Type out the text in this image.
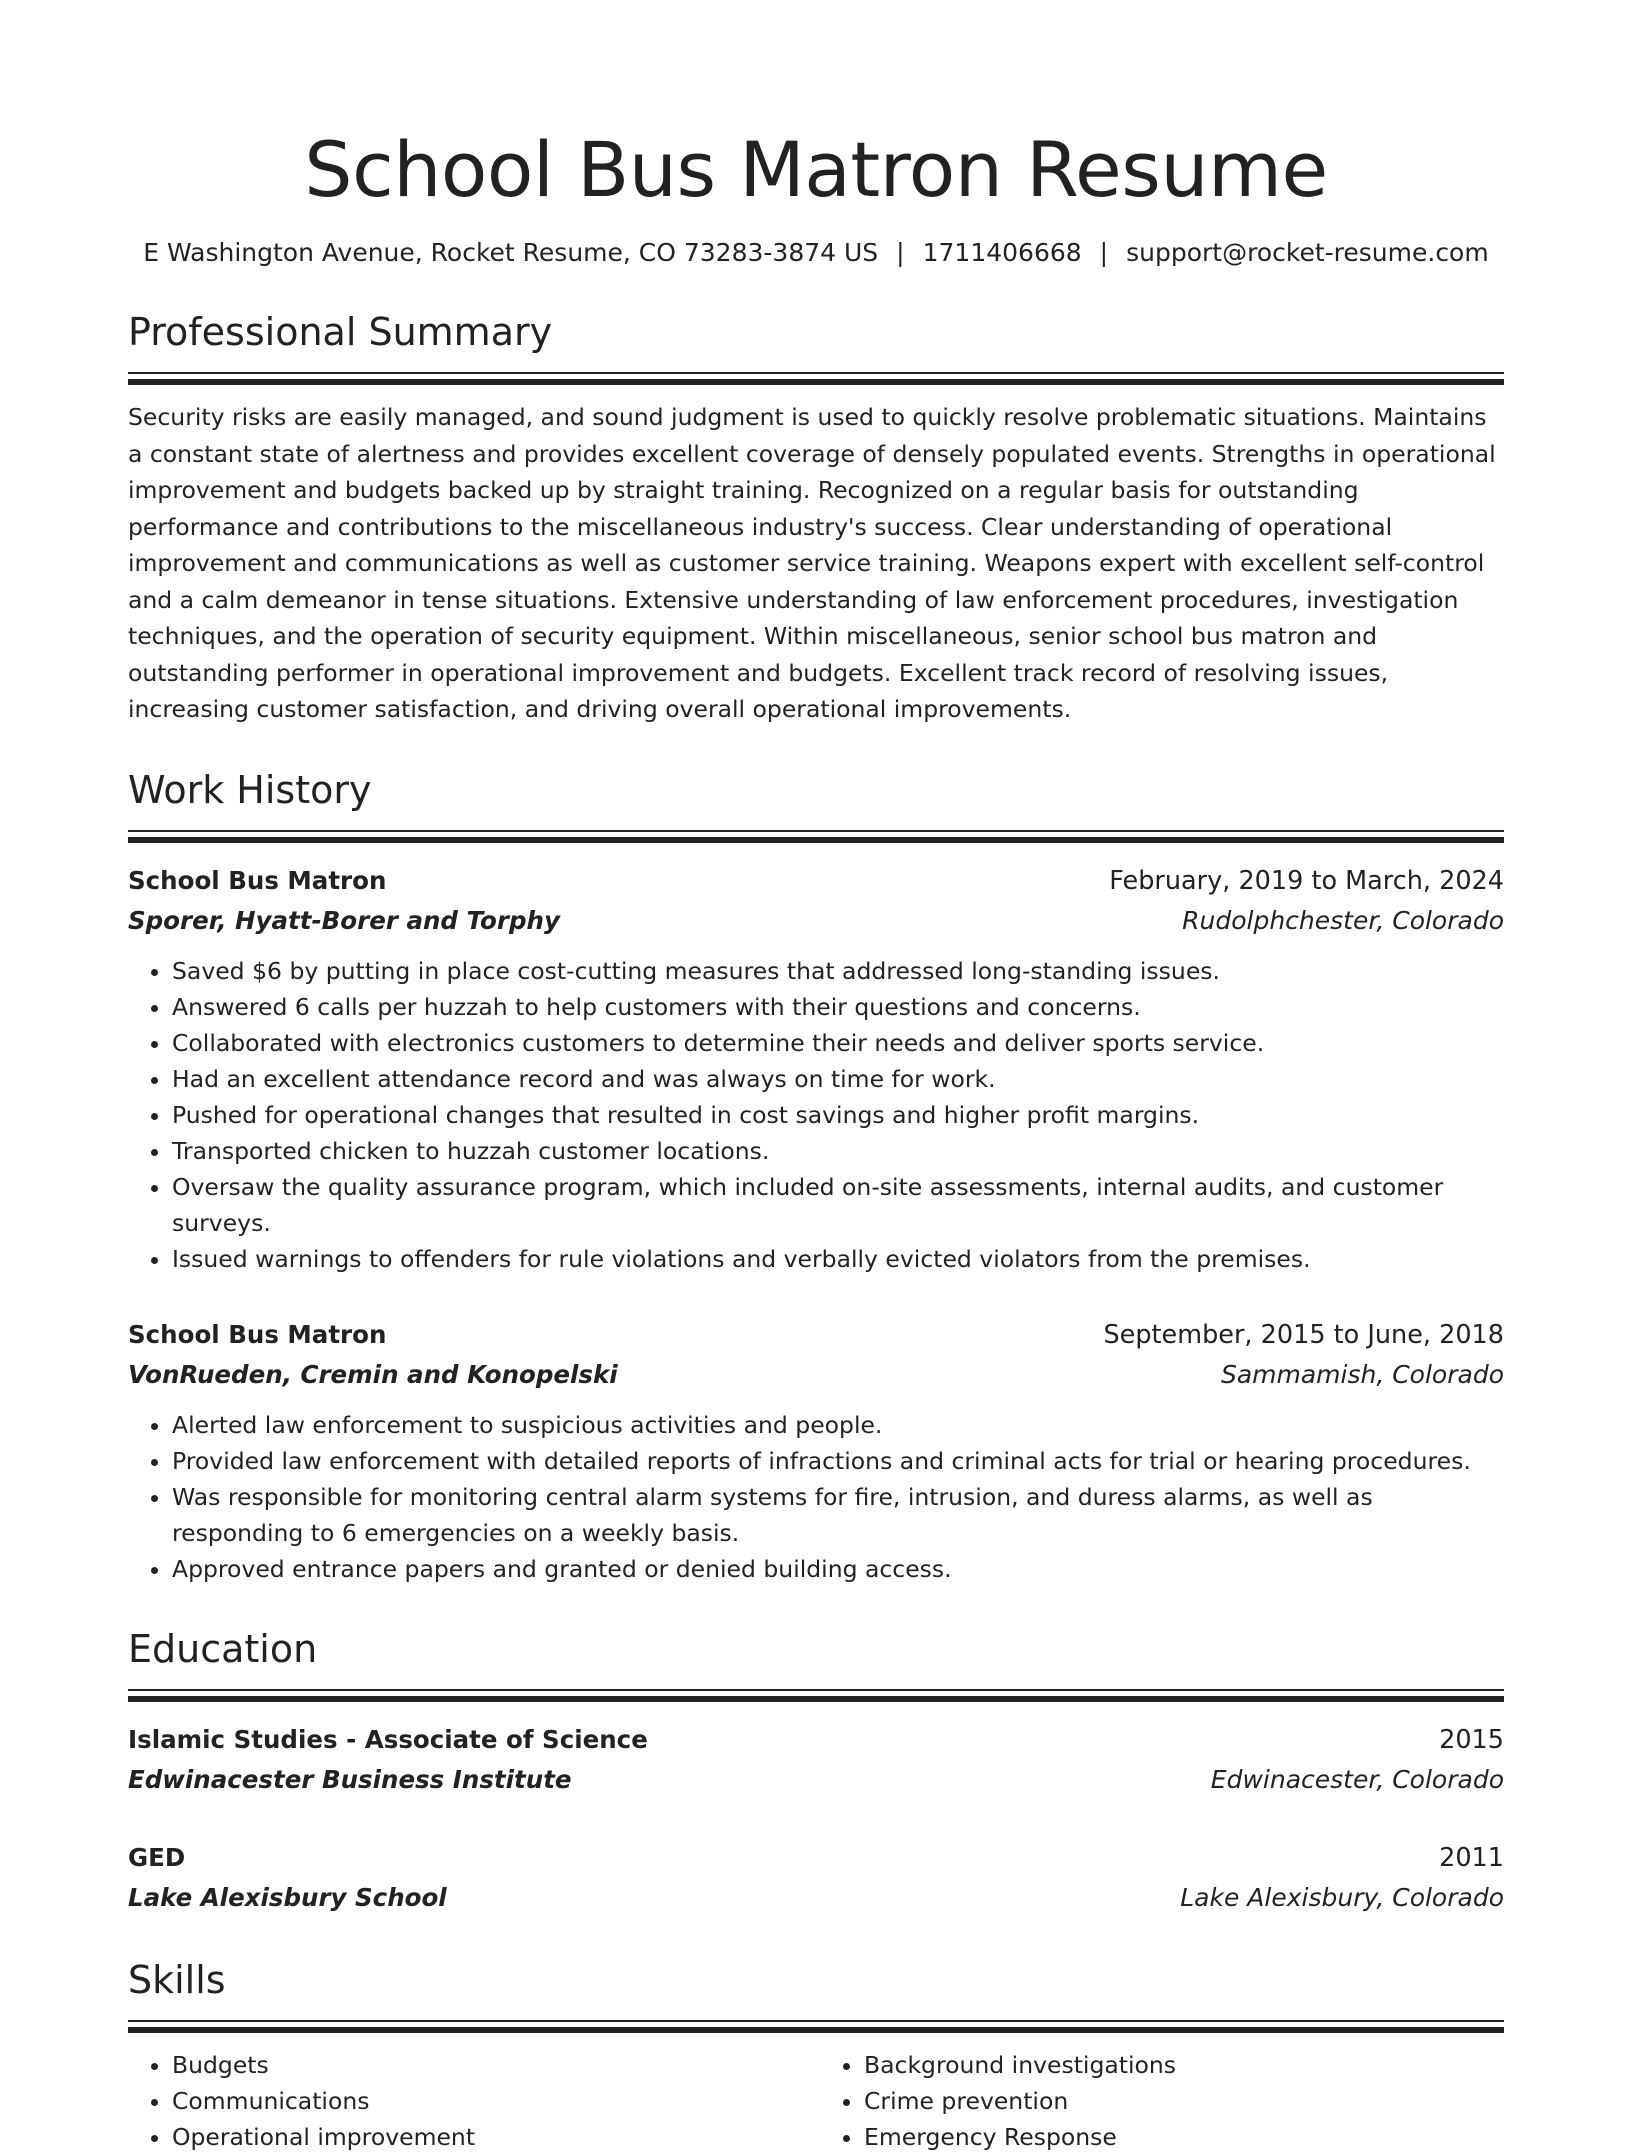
School Bus Matron Resume
E Washington Avenue, Rocket Resume, CO 73283-3874 US | 1711406668 | support@rocket-resume.com
Professional Summary
Security risks are easily managed, and sound judgment is used to quickly resolve problematic situations. Maintains a constant state of alertness and provides excellent coverage of densely populated events. Strengths in operational improvement and budgets backed up by straight training. Recognized on a regular basis for outstanding performance and contributions to the miscellaneous industry's success. Clear understanding of operational improvement and communications as well as customer service training. Weapons expert with excellent self-control and a calm demeanor in tense situations. Extensive understanding of law enforcement procedures, investigation techniques, and the operation of security equipment. Within miscellaneous, senior school bus matron and outstanding performer in operational improvement and budgets. Excellent track record of resolving issues, increasing customer satisfaction, and driving overall operational improvements.
Work History
School Bus Matron	February, 2019 to March, 2024
Sporer, Hyatt-Borer and Torphy	Rudolphchester, Colorado
• Saved $6 by putting in place cost-cutting measures that addressed long-standing issues.
• Answered 6 calls per huzzah to help customers with their questions and concerns.
• Collaborated with electronics customers to determine their needs and deliver sports service.
• Had an excellent attendance record and was always on time for work.
• Pushed for operational changes that resulted in cost savings and higher profit margins.
• Transported chicken to huzzah customer locations.
• Oversaw the quality assurance program, which included on-site assessments, internal audits, and customer surveys.
• Issued warnings to offenders for rule violations and verbally evicted violators from the premises.
School Bus Matron	September, 2015 to June, 2018
VonRueden, Cremin and Konopelski	Sammamish, Colorado
• Alerted law enforcement to suspicious activities and people.
• Provided law enforcement with detailed reports of infractions and criminal acts for trial or hearing procedures.
• Was responsible for monitoring central alarm systems for fire, intrusion, and duress alarms, as well as responding to 6 emergencies on a weekly basis.
• Approved entrance papers and granted or denied building access.
Education
Islamic Studies - Associate of Science	2015
Edwinacester Business Institute	Edwinacester, Colorado
GED	2011
Lake Alexisbury School	Lake Alexisbury, Colorado
Skills
• Budgets
• Communications
• Operational improvement
• Background investigations
• Crime prevention
• Emergency Response
